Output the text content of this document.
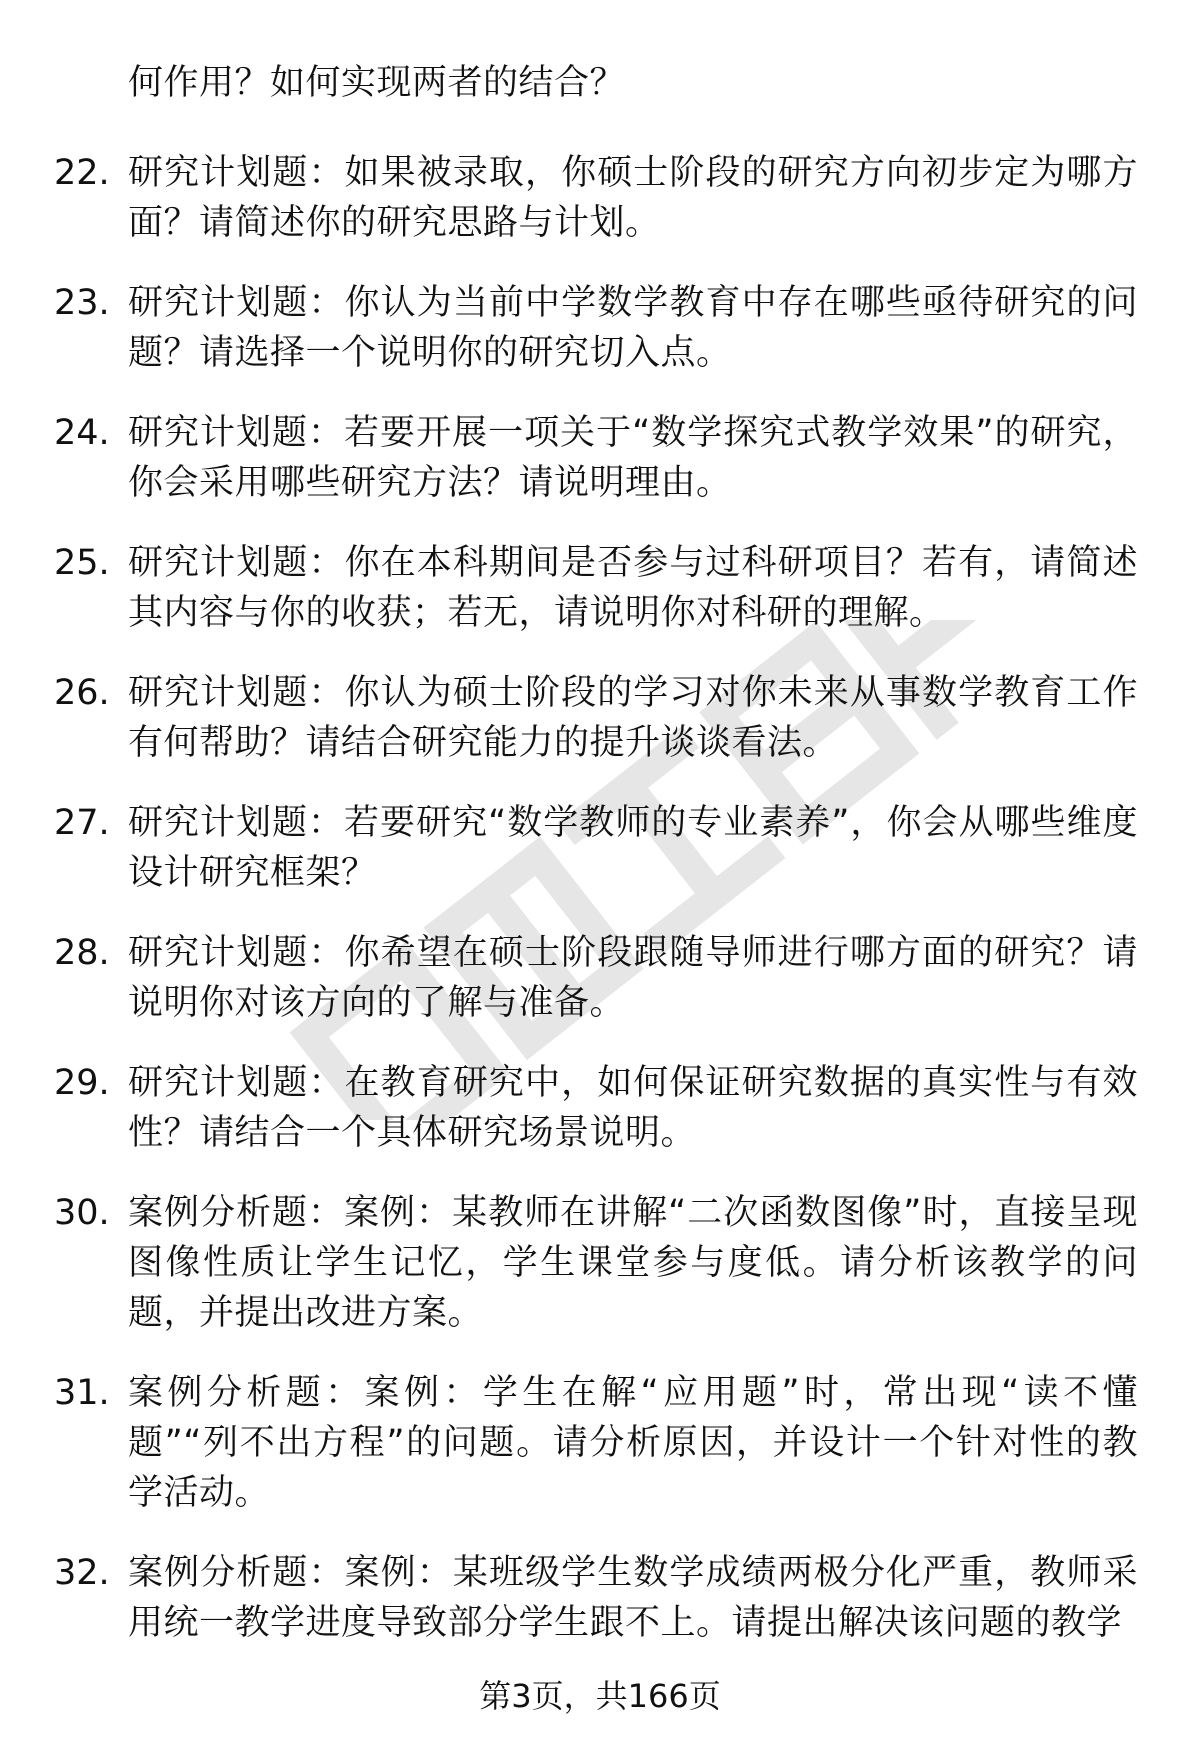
何作用？如何实现两者的结合？
22. 研究计划题：如果被录取，你硕士阶段的研究方向初步定为哪方面？请简述你的研究思路与计划。
23. 研究计划题：你认为当前中学数学教育中存在哪些亟待研究的问题？请选择一个说明你的研究切入点。
24. 研究计划题：若要开展一项关于“数学探究式教学效果”的研究，你会采用哪些研究方法？请说明理由。
25. 研究计划题：你在本科期间是否参与过科研项目？若有，请简述其内容与你的收获；若无，请说明你对科研的理解。
26. 研究计划题：你认为硕士阶段的学习对你未来从事数学教育工作有何帮助？请结合研究能力的提升谈谈看法。
27. 研究计划题：若要研究“数学教师的专业素养”，你会从哪些维度设计研究框架？
28. 研究计划题：你希望在硕士阶段跟随导师进行哪方面的研究？请说明你对该方向的了解与准备。
29. 研究计划题：在教育研究中，如何保证研究数据的真实性与有效性？请结合一个具体研究场景说明。
30. 案例分析题：案例：某教师在讲解“二次函数图像”时，直接呈现图像性质让学生记忆，学生课堂参与度低。请分析该教学的问题，并提出改进方案。
31. 案例分析题：案例：学生在解“应用题”时，常出现“读不懂题”“列不出方程”的问题。请分析原因，并设计一个针对性的教学活动。
32. 案例分析题：案例：某班级学生数学成绩两极分化严重，教师采用统一教学进度导致部分学生跟不上。请提出解决该问题的教学
第3页，共166页
